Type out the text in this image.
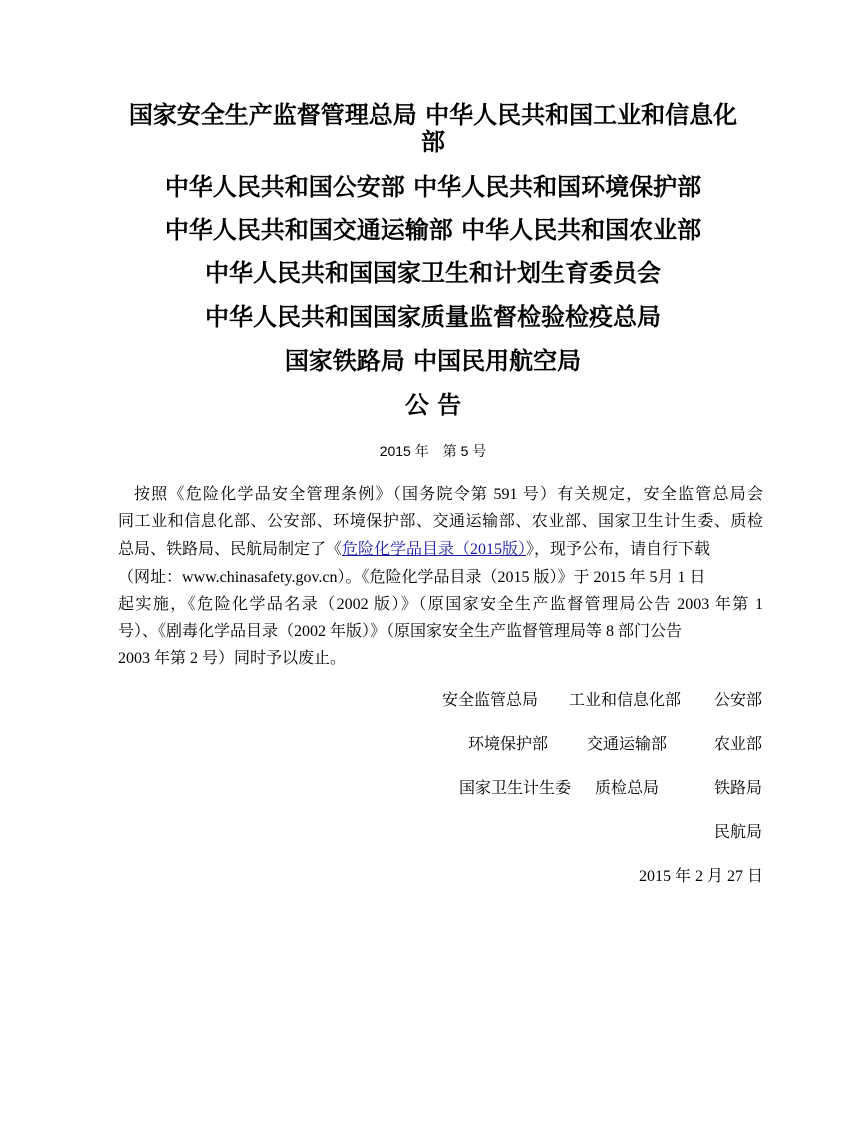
国家安全生产监督管理总局 中华人民共和国工业和信息化
部
中华人民共和国公安部 中华人民共和国环境保护部
中华人民共和国交通运输部 中华人民共和国农业部
中华人民共和国国家卫生和计划生育委员会
中华人民共和国国家质量监督检验检疫总局
国家铁路局 中国民用航空局
公 告
2015 年　第 5 号
按照《危险化学品安全管理条例》（国务院令第 591 号）有关规定，安全监管总局会
同工业和信息化部、公安部、环境保护部、交通运输部、农业部、国家卫生计生委、质检
总局、铁路局、民航局制定了《危险化学品目录（2015版）》，现予公布，请自行下载
（网址：www.chinasafety.gov.cn）。《危险化学品目录（2015 版）》于 2015 年 5月 1 日
起实施，《危险化学品名录（2002 版）》（原国家安全生产监督管理局公告 2003 年第 1
号）、《剧毒化学品目录（2002 年版）》（原国家安全生产监督管理局等 8 部门公告
2003 年第 2 号）同时予以废止。
安全监管总局 工业和信息化部 公安部
环境保护部 交通运输部	农业部
国家卫生计生委 质检总局	铁路局
民航局
2015 年 2 月 27 日
